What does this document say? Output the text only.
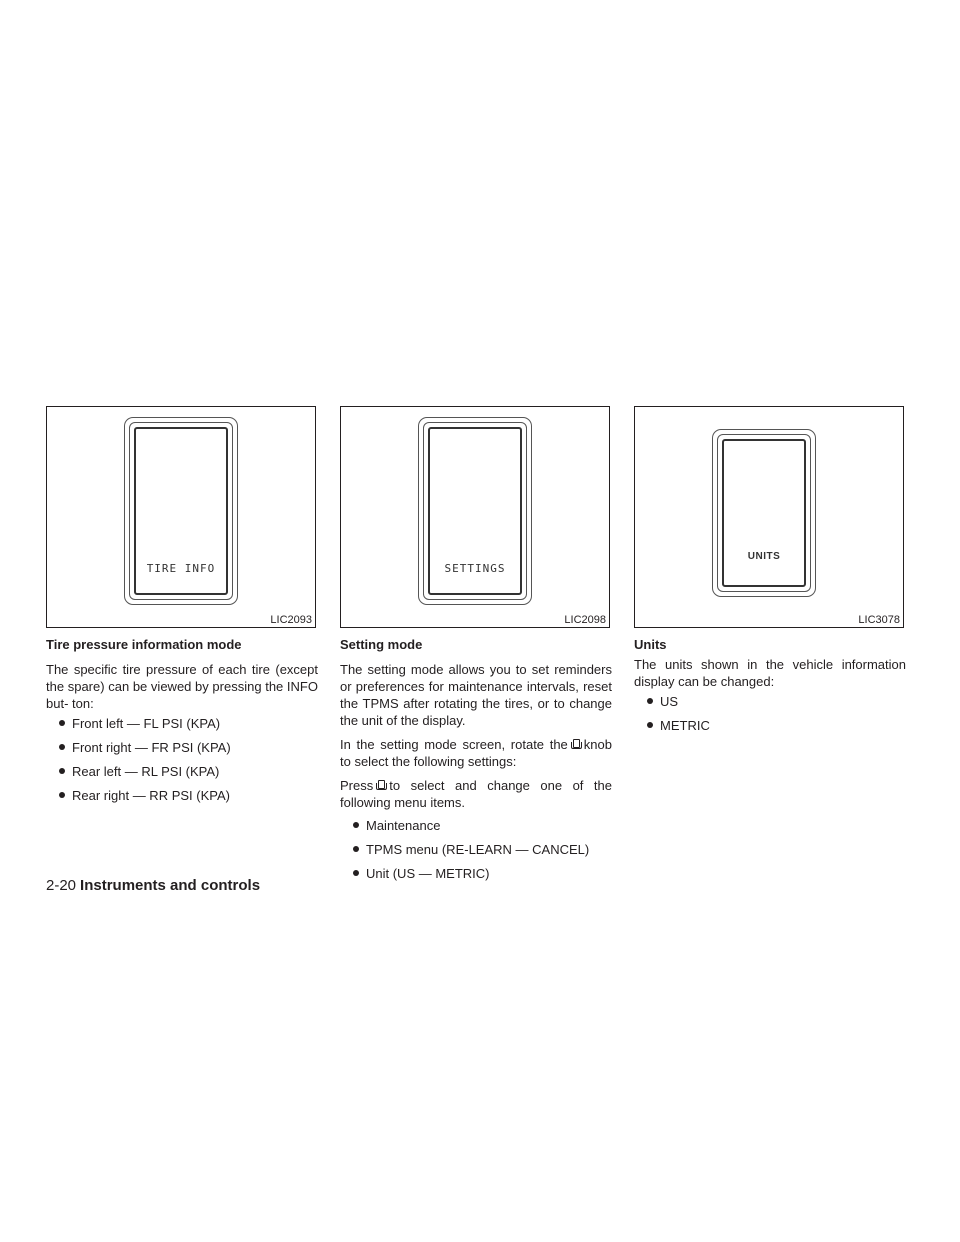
TIRE INFO
LIC2093
Tire pressure information mode

The specific tire pressure of each tire (except the spare) can be viewed by pressing the INFO but- ton:

Front left — FL PSI (KPA)
Front right — FR PSI (KPA)
Rear left — RL PSI (KPA)
Rear right — RR PSI (KPA)
SETTINGS
LIC2098
Setting mode

The setting mode allows you to set reminders or preferences for maintenance intervals, reset the TPMS after rotating the tires, or to change the unit of the display.

In the setting mode screen, rotate the knob to select the following settings:

Press to select and change one of the following menu items.

Maintenance
TPMS menu (RE-LEARN — CANCEL)
Unit (US — METRIC)
UNITS
LIC3078
Units

The units shown in the vehicle information display can be changed:

US
METRIC
2-20 Instruments and controls
